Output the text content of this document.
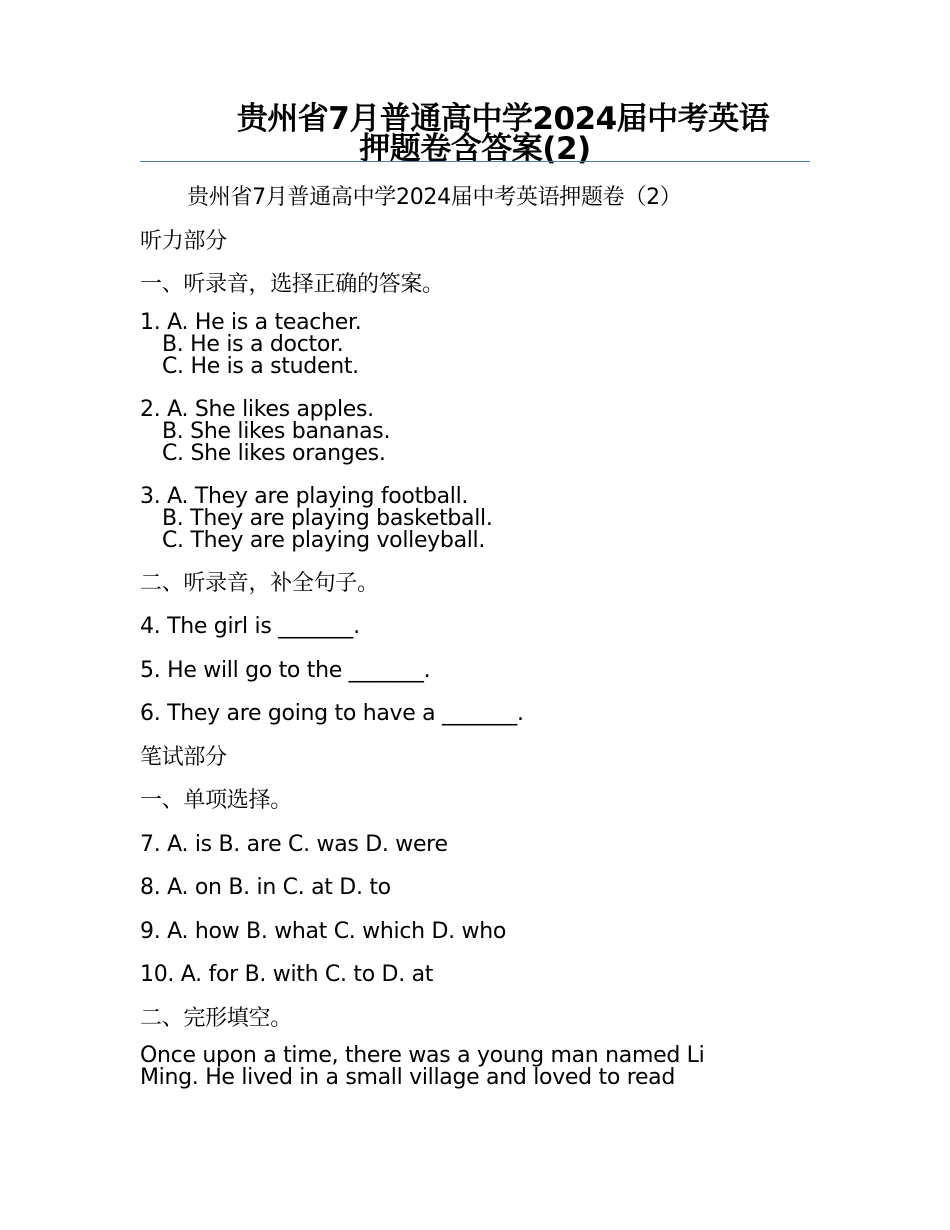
贵州省7月普通高中学2024届中考英语
押题卷含答案(2)

贵州省7月普通高中学2024届中考英语押题卷（2）

听力部分

一、听录音，选择正确的答案。

1. A. He is a teacher.
B. He is a doctor.
C. He is a student.
2. A. She likes apples.
B. She likes bananas.
C. She likes oranges.
3. A. They are playing football.
B. They are playing basketball.
C. They are playing volleyball.

二、听录音，补全句子。

4. The girl is _______.

5. He will go to the _______.

6. They are going to have a _______.

笔试部分

一、单项选择。

7. A. is B. are C. was D. were

8. A. on B. in C. at D. to

9. A. how B. what C. which D. who

10. A. for B. with C. to D. at

二、完形填空。

Once upon a time, there was a young man named Li
Ming. He lived in a small village and loved to read
